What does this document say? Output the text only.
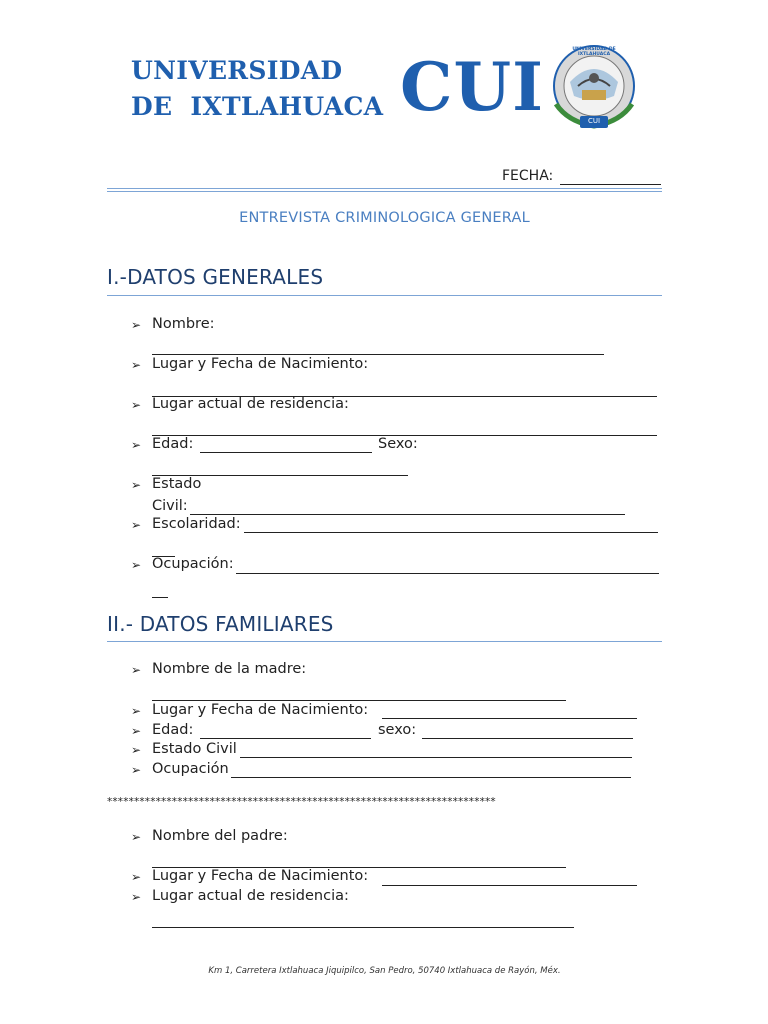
UNIVERSIDAD
DE  IXTLAHUACA CUI	CUI
UNIVERSIDAD DE IXTLAHUACA
FECHA:
ENTREVISTA CRIMINOLOGICA GENERAL
I.-DATOS GENERALES
➢ Nombre:
➢ Lugar y Fecha de Nacimiento:
➢ Lugar actual de residencia:
➢ Edad:	Sexo:
➢ Estado
Civil:
➢ Escolaridad:
➢ Ocupación:
II.- DATOS FAMILIARES
➢ Nombre de la madre:
➢ Lugar y Fecha de Nacimiento:
➢ Edad:	sexo:
➢ Estado Civil
➢ Ocupación
************************************************************************
➢ Nombre del padre:
➢ Lugar y Fecha de Nacimiento:
➢ Lugar actual de residencia:
Km 1, Carretera Ixtlahuaca Jiquipilco, San Pedro, 50740 Ixtlahuaca de Rayón, Méx.
